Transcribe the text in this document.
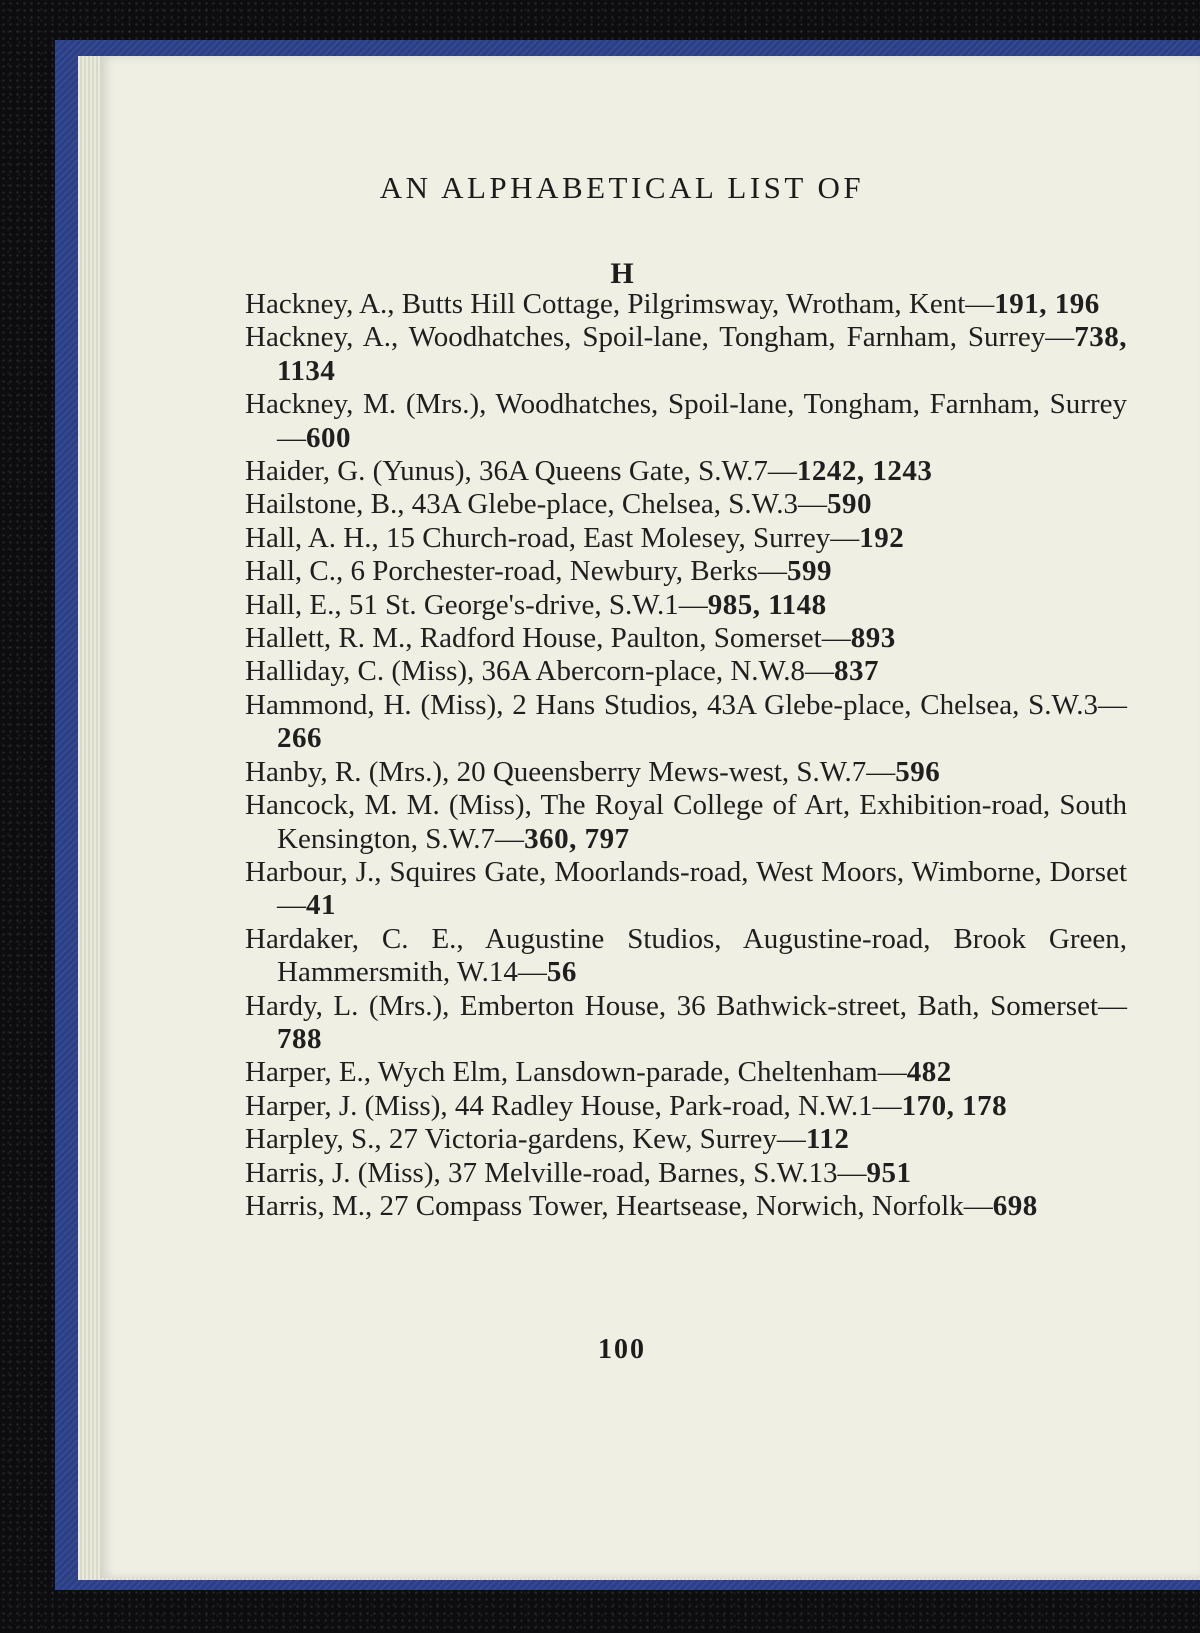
AN ALPHABETICAL LIST OF
H
Hackney, A., Butts Hill Cottage, Pilgrimsway, Wrotham, Kent—191, 196
Hackney, A., Woodhatches, Spoil-lane, Tongham, Farnham, Surrey—738, 1134
Hackney, M. (Mrs.), Woodhatches, Spoil-lane, Tongham, Farnham, Surrey—600
Haider, G. (Yunus), 36A Queens Gate, S.W.7—1242, 1243
Hailstone, B., 43A Glebe-place, Chelsea, S.W.3—590
Hall, A. H., 15 Church-road, East Molesey, Surrey—192
Hall, C., 6 Porchester-road, Newbury, Berks—599
Hall, E., 51 St. George's-drive, S.W.1—985, 1148
Hallett, R. M., Radford House, Paulton, Somerset—893
Halliday, C. (Miss), 36A Abercorn-place, N.W.8—837
Hammond, H. (Miss), 2 Hans Studios, 43A Glebe-place, Chelsea, S.W.3—266
Hanby, R. (Mrs.), 20 Queensberry Mews-west, S.W.7—596
Hancock, M. M. (Miss), The Royal College of Art, Exhibition-road, South Kensington, S.W.7—360, 797
Harbour, J., Squires Gate, Moorlands-road, West Moors, Wimborne, Dorset—41
Hardaker, C. E., Augustine Studios, Augustine-road, Brook Green, Hammersmith, W.14—56
Hardy, L. (Mrs.), Emberton House, 36 Bathwick-street, Bath, Somerset—788
Harper, E., Wych Elm, Lansdown-parade, Cheltenham—482
Harper, J. (Miss), 44 Radley House, Park-road, N.W.1—170, 178
Harpley, S., 27 Victoria-gardens, Kew, Surrey—112
Harris, J. (Miss), 37 Melville-road, Barnes, S.W.13—951
Harris, M., 27 Compass Tower, Heartsease, Norwich, Norfolk—698
100
